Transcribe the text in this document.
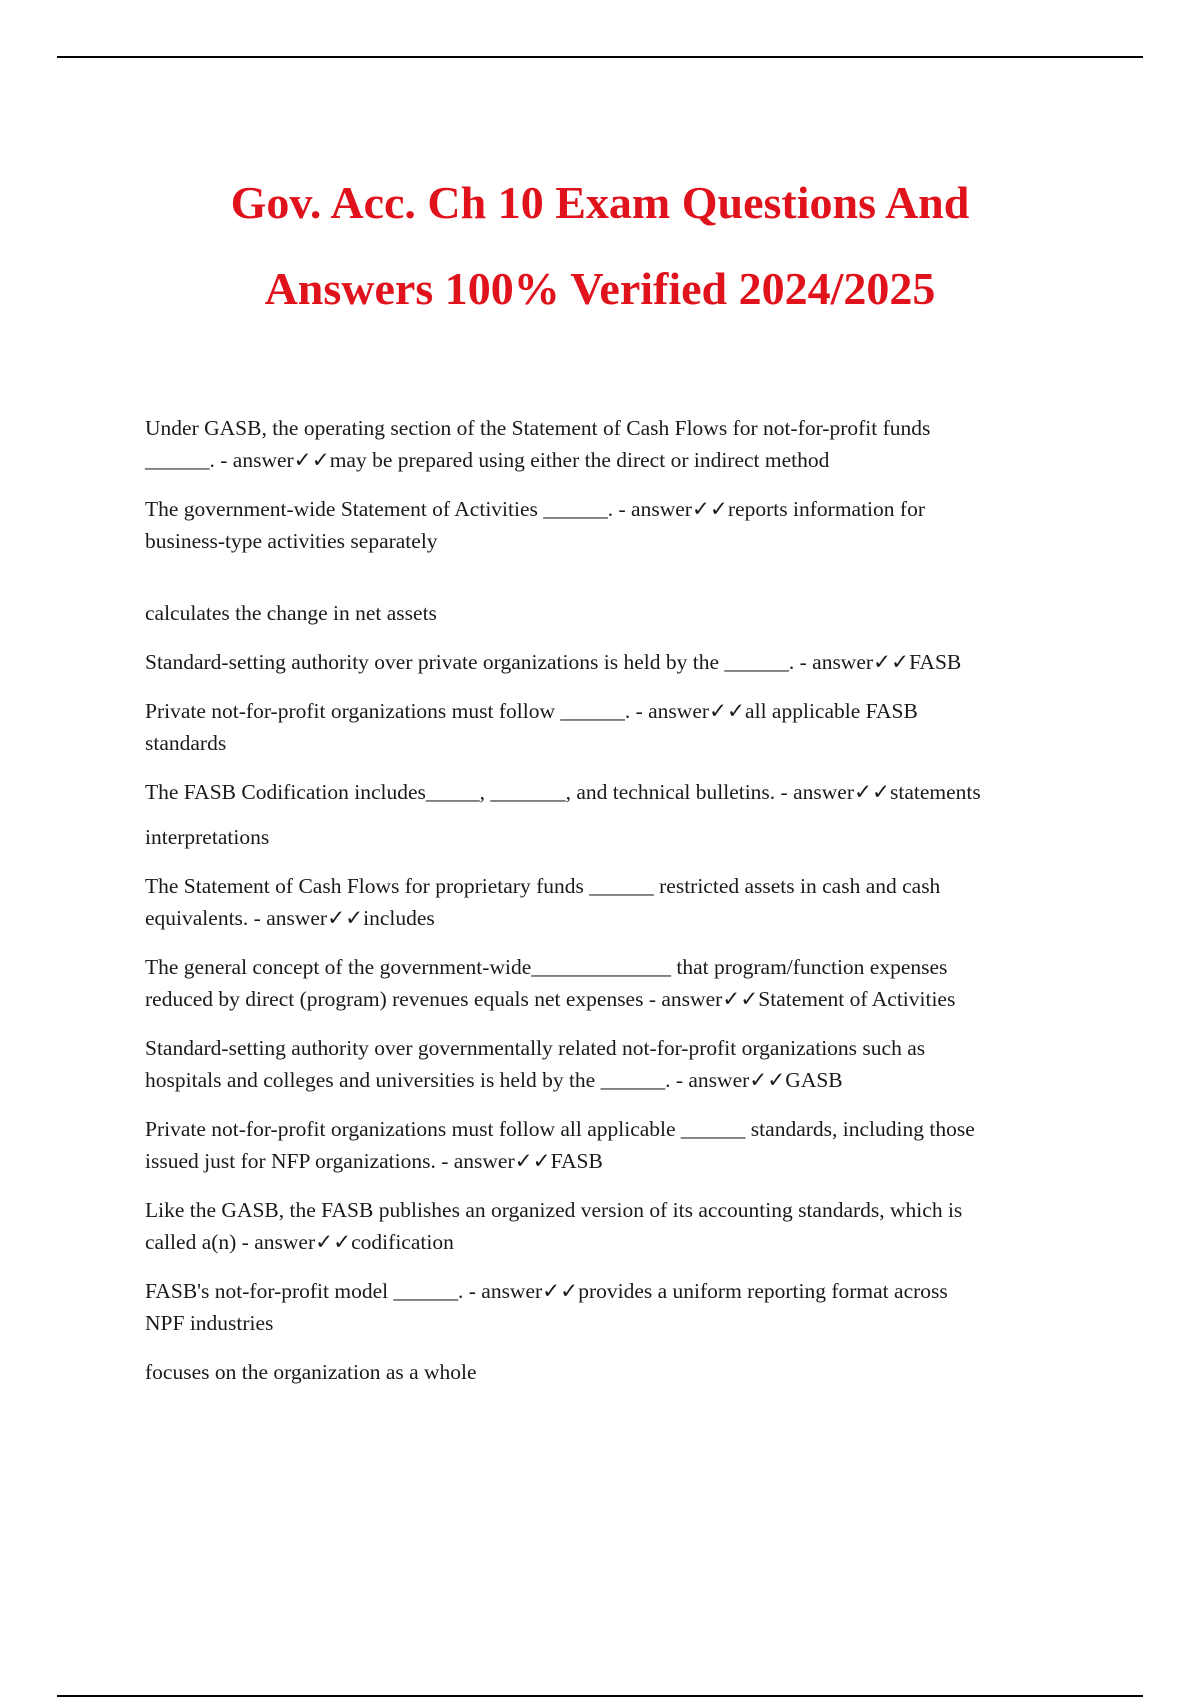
Gov. Acc. Ch 10 Exam Questions And
Answers 100% Verified 2024/2025

Under GASB, the operating section of the Statement of Cash Flows for not-for-profit funds

______. - answer✓✓may be prepared using either the direct or indirect method

The government-wide Statement of Activities ______. - answer✓✓reports information for

business-type activities separately

calculates the change in net assets

Standard-setting authority over private organizations is held by the ______. - answer✓✓FASB

Private not-for-profit organizations must follow ______. - answer✓✓all applicable FASB

standards

The FASB Codification includes_____, _______, and technical bulletins. - answer✓✓statements

interpretations

The Statement of Cash Flows for proprietary funds ______ restricted assets in cash and cash

equivalents. - answer✓✓includes

The general concept of the government-wide_____________ that program/function expenses

reduced by direct (program) revenues equals net expenses - answer✓✓Statement of Activities

Standard-setting authority over governmentally related not-for-profit organizations such as

hospitals and colleges and universities is held by the ______. - answer✓✓GASB

Private not-for-profit organizations must follow all applicable ______ standards, including those

issued just for NFP organizations. - answer✓✓FASB

Like the GASB, the FASB publishes an organized version of its accounting standards, which is

called a(n) - answer✓✓codification

FASB's not-for-profit model ______. - answer✓✓provides a uniform reporting format across

NPF industries

focuses on the organization as a whole
